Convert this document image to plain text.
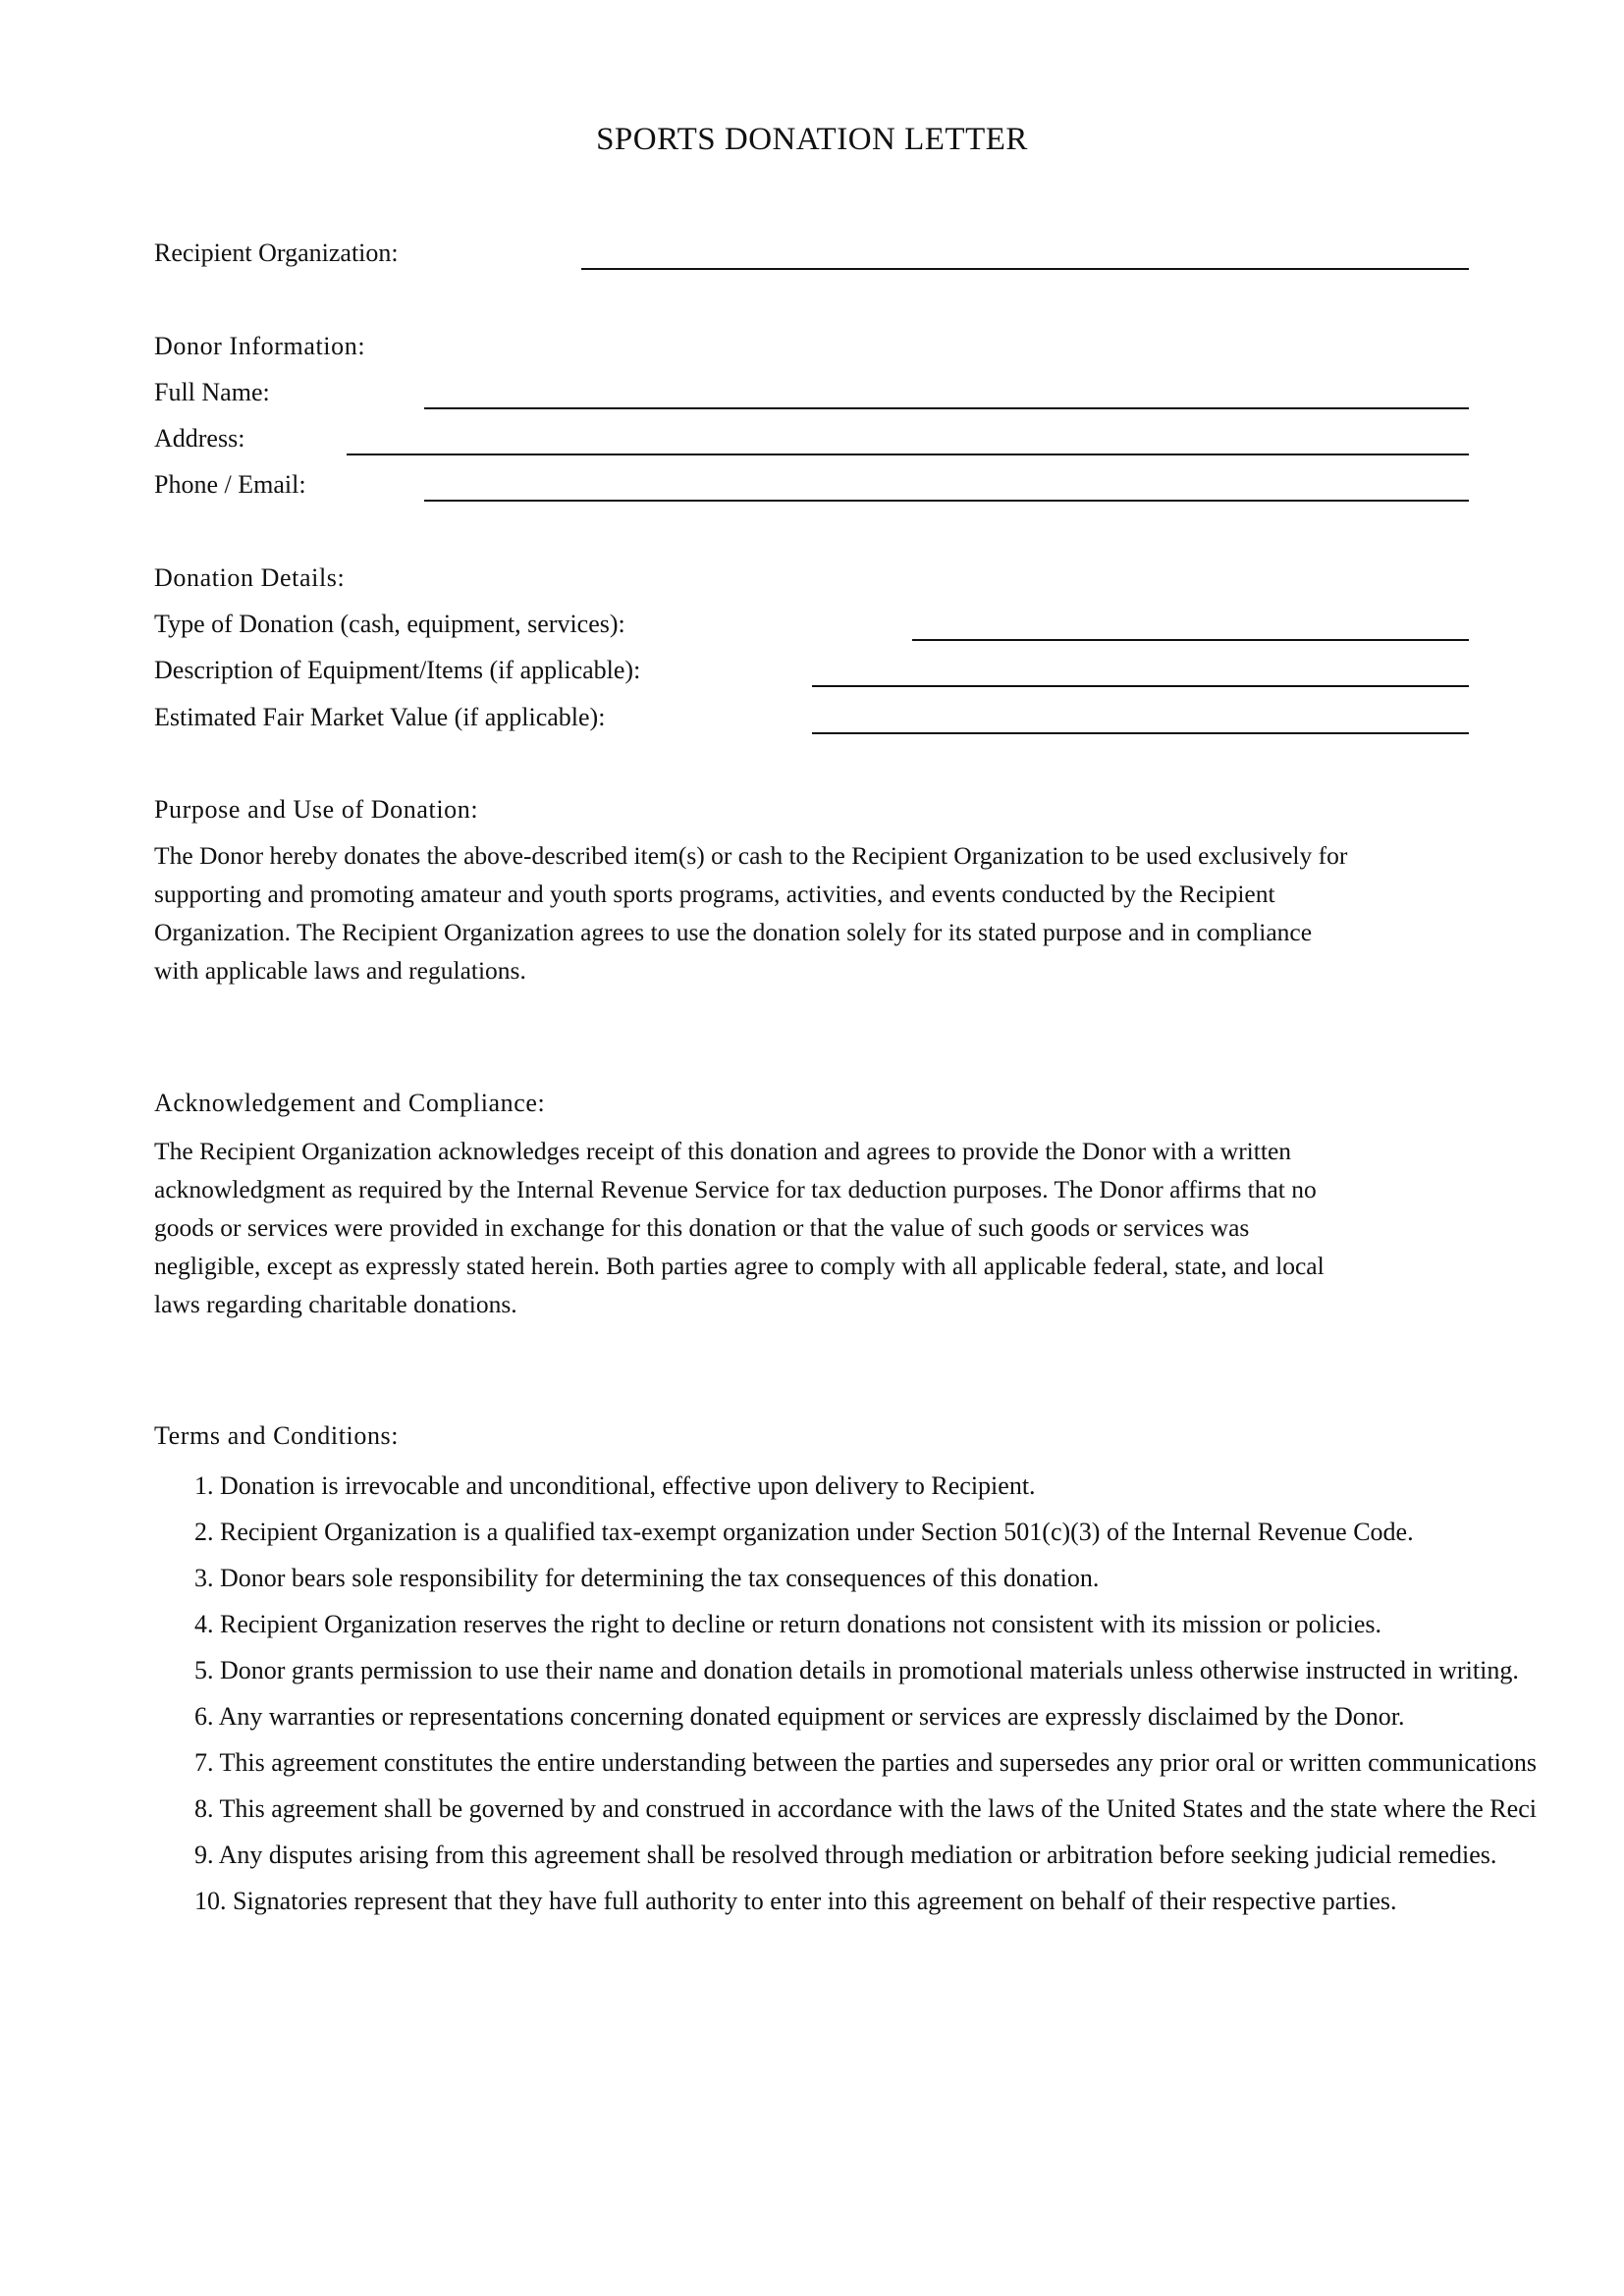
SPORTS DONATION LETTER
Recipient Organization:
Donor Information:
Full Name:
Address:
Phone / Email:
Donation Details:
Type of Donation (cash, equipment, services):
Description of Equipment/Items (if applicable):
Estimated Fair Market Value (if applicable):
Purpose and Use of Donation:
The Donor hereby donates the above-described item(s) or cash to the Recipient Organization to be used exclusively for
supporting and promoting amateur and youth sports programs, activities, and events conducted by the Recipient
Organization. The Recipient Organization agrees to use the donation solely for its stated purpose and in compliance
with applicable laws and regulations.
Acknowledgement and Compliance:
The Recipient Organization acknowledges receipt of this donation and agrees to provide the Donor with a written
acknowledgment as required by the Internal Revenue Service for tax deduction purposes. The Donor affirms that no
goods or services were provided in exchange for this donation or that the value of such goods or services was
negligible, except as expressly stated herein. Both parties agree to comply with all applicable federal, state, and local
laws regarding charitable donations.
Terms and Conditions:
1. Donation is irrevocable and unconditional, effective upon delivery to Recipient.
2. Recipient Organization is a qualified tax-exempt organization under Section 501(c)(3) of the Internal Revenue Code.
3. Donor bears sole responsibility for determining the tax consequences of this donation.
4. Recipient Organization reserves the right to decline or return donations not consistent with its mission or policies.
5. Donor grants permission to use their name and donation details in promotional materials unless otherwise instructed in writing.
6. Any warranties or representations concerning donated equipment or services are expressly disclaimed by the Donor.
7. This agreement constitutes the entire understanding between the parties and supersedes any prior oral or written communications
8. This agreement shall be governed by and construed in accordance with the laws of the United States and the state where the Reci
9. Any disputes arising from this agreement shall be resolved through mediation or arbitration before seeking judicial remedies.
10. Signatories represent that they have full authority to enter into this agreement on behalf of their respective parties.
